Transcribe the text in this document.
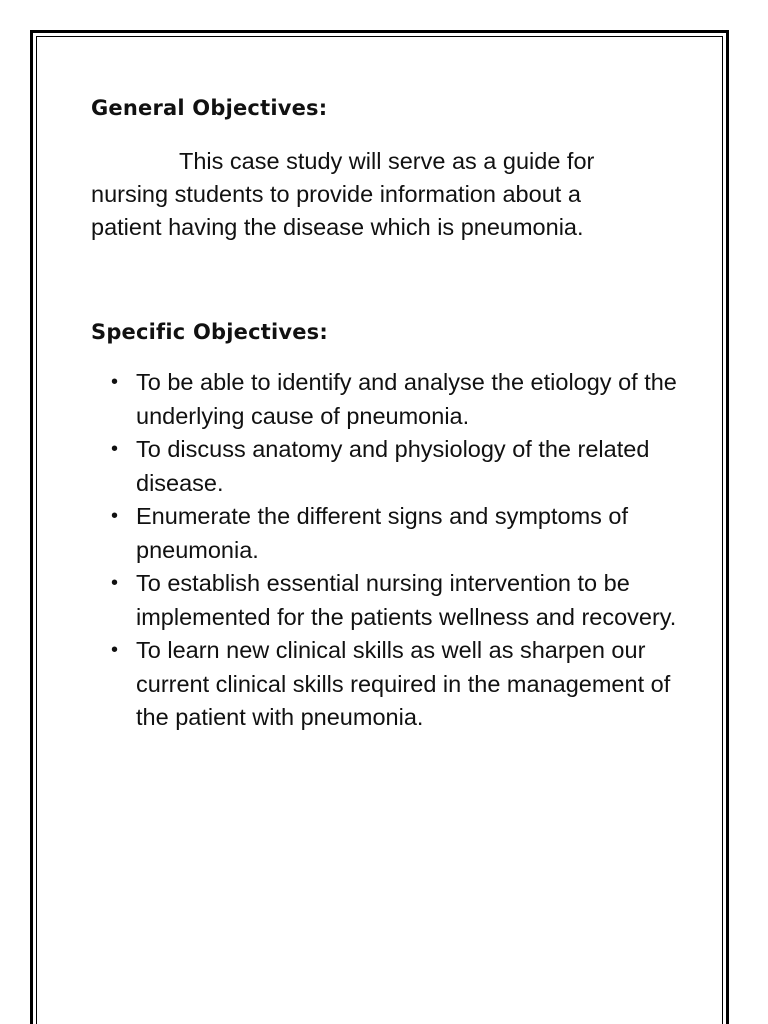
General Objectives:

This case study will serve as a guide for nursing students to provide information about a patient having the disease which is pneumonia.

Specific Objectives:
• To be able to identify and analyse the etiology of the underlying cause of pneumonia.
• To discuss anatomy and physiology of the related disease.
• Enumerate the different signs and symptoms of pneumonia.
• To establish essential nursing intervention to be implemented for the patients wellness and recovery.
• To learn new clinical skills as well as sharpen our current clinical skills required in the management of the patient with pneumonia.
